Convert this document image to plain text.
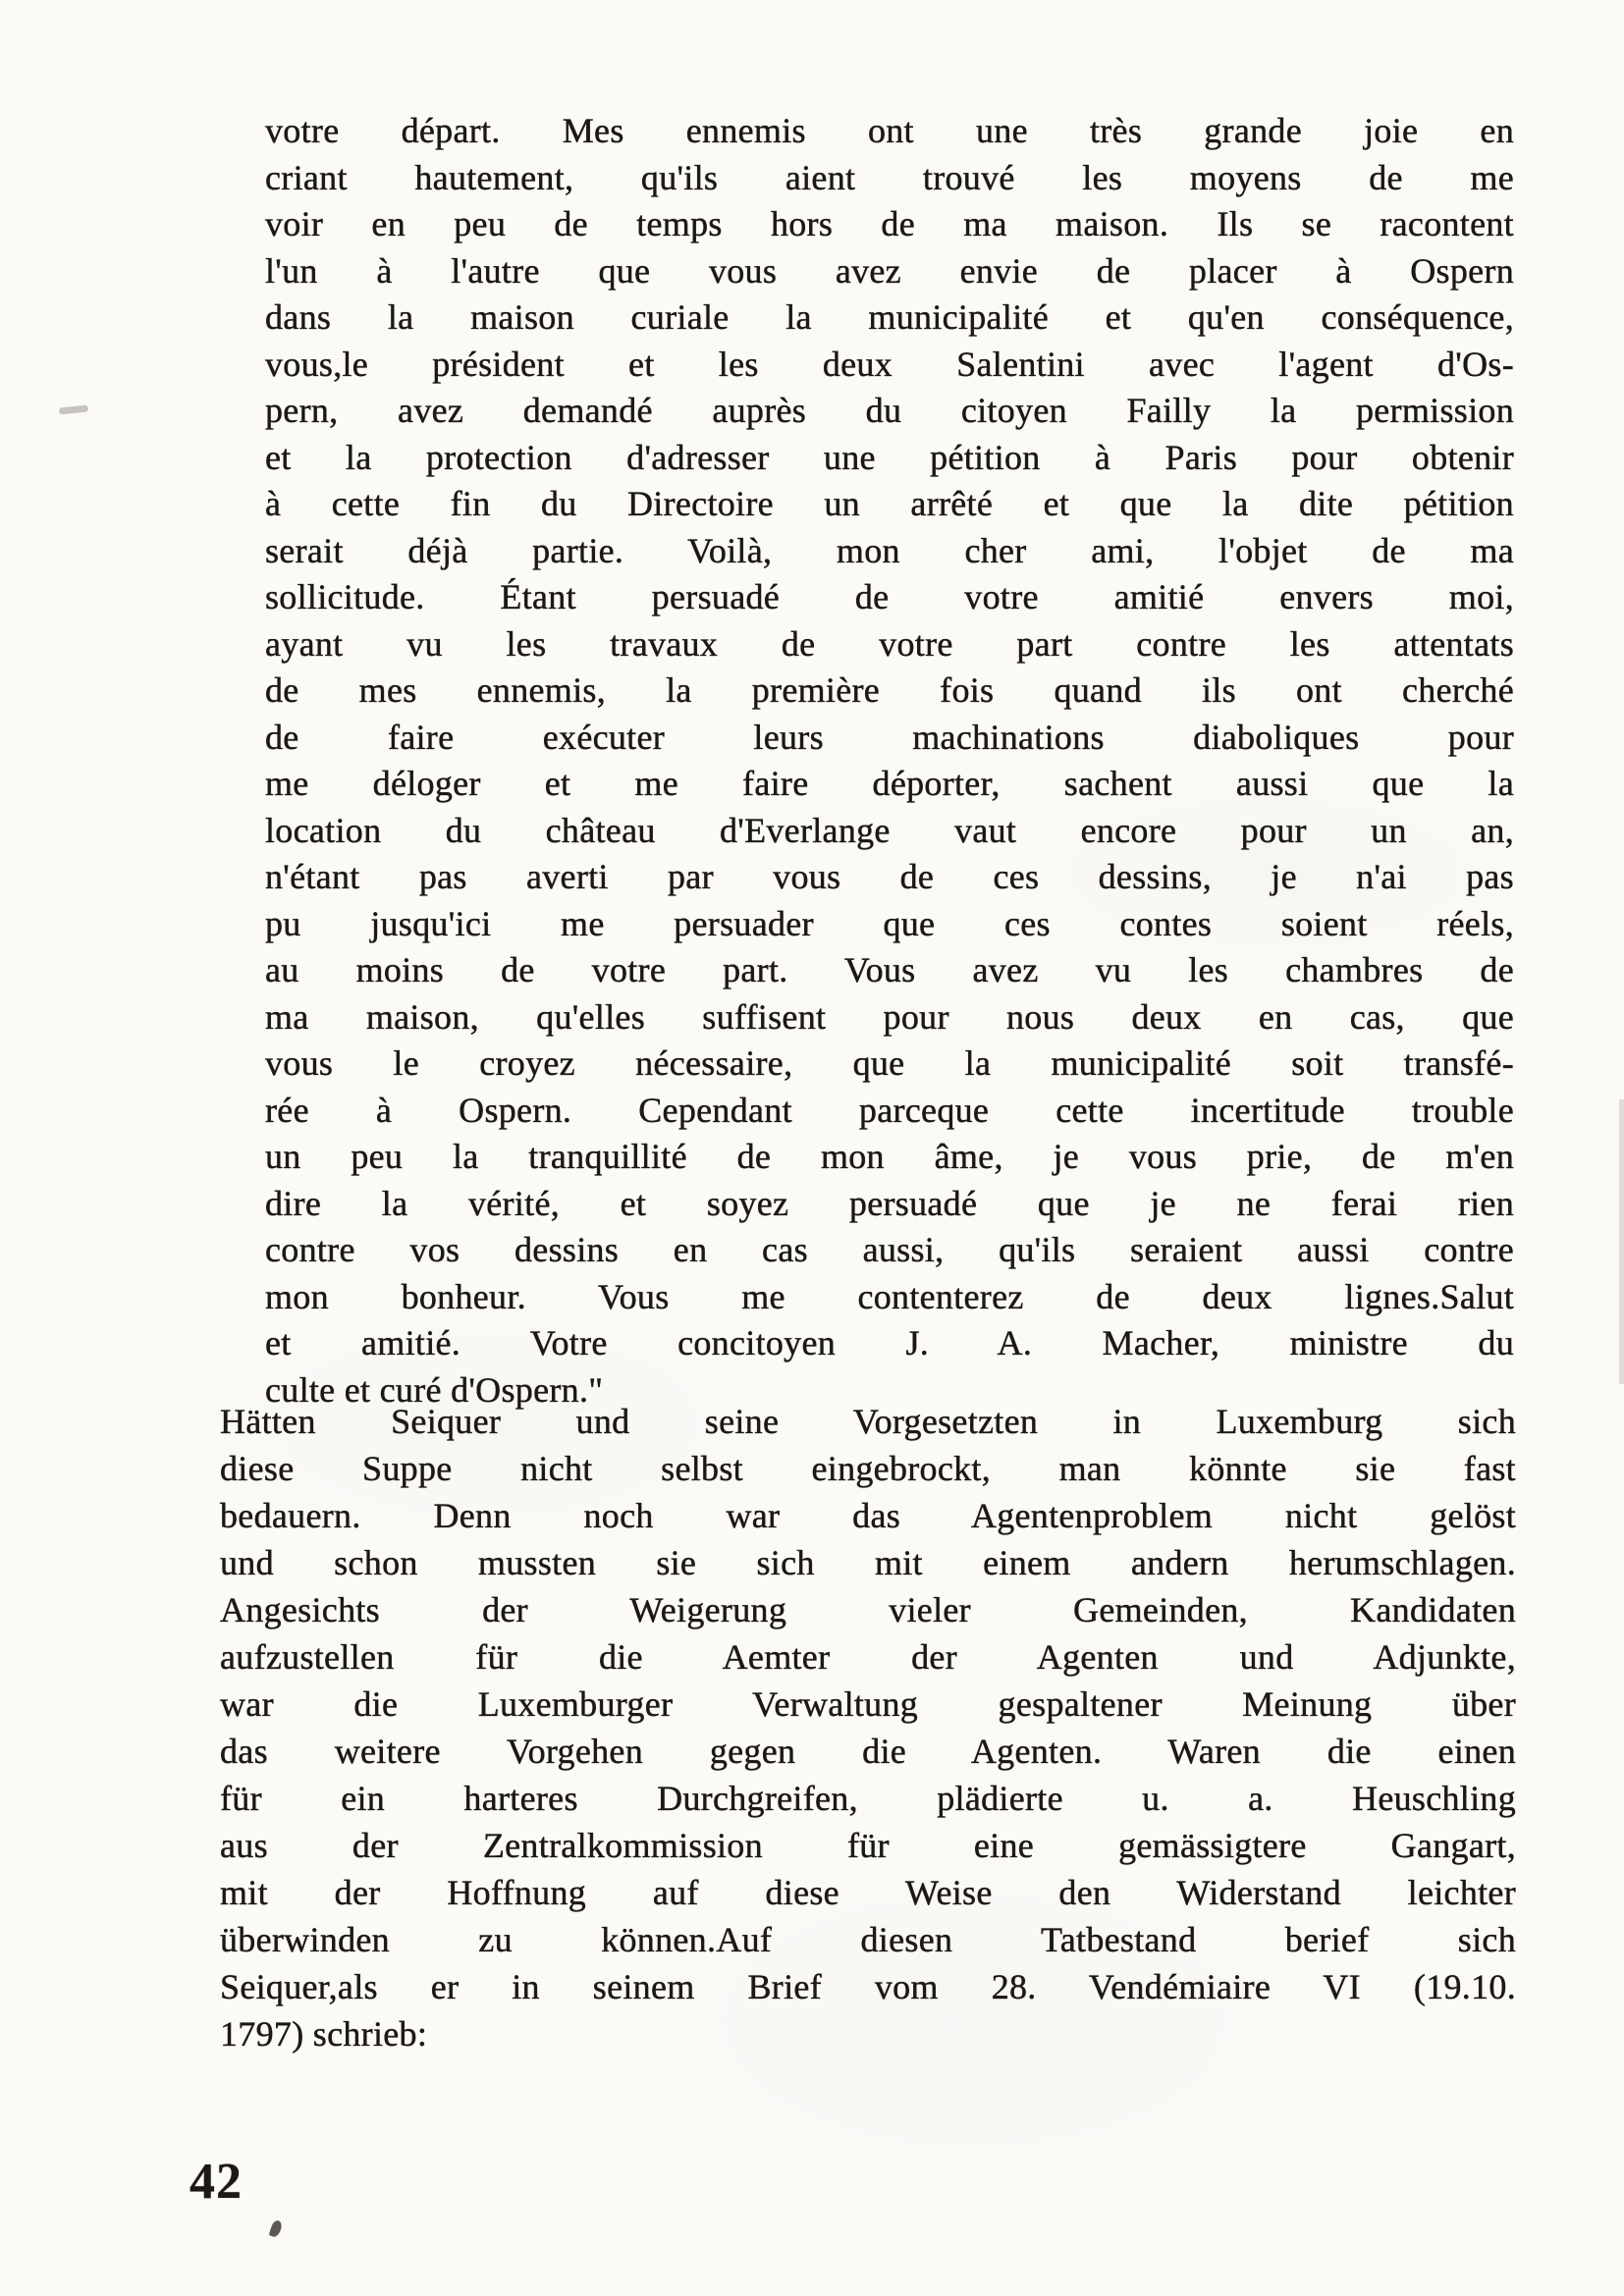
votre départ. Mes ennemis ont une très grande joie en
criant hautement, qu'ils aient trouvé les moyens de me
voir en peu de temps hors de ma maison. Ils se racontent
l'un à l'autre que vous avez envie de placer à Ospern
dans la maison curiale la municipalité et qu'en conséquence,
vous,le président et les deux Salentini avec l'agent d'Os-
pern, avez demandé auprès du citoyen Failly la permission
et la protection d'adresser une pétition à Paris pour obtenir
à cette fin du Directoire un arrêté et que la dite pétition
serait déjà partie. Voilà, mon cher ami, l'objet de ma
sollicitude. Étant persuadé de votre amitié envers moi,
ayant vu les travaux de votre part contre les attentats
de mes ennemis, la première fois quand ils ont cherché
de faire exécuter leurs machinations diaboliques pour
me déloger et me faire déporter, sachent aussi que la
location du château d'Everlange vaut encore pour un an,
n'étant pas averti par vous de ces dessins, je n'ai pas
pu jusqu'ici me persuader que ces contes soient réels,
au moins de votre part. Vous avez vu les chambres de
ma maison, qu'elles suffisent pour nous deux en cas, que
vous le croyez nécessaire, que la municipalité soit transfé-
rée à Ospern. Cependant parceque cette incertitude trouble
un peu la tranquillité de mon âme, je vous prie, de m'en
dire la vérité, et soyez persuadé que je ne ferai rien
contre vos dessins en cas aussi, qu'ils seraient aussi contre
mon bonheur. Vous me contenterez de deux lignes.Salut
et amitié. Votre concitoyen J. A. Macher, ministre du
culte et curé d'Ospern."
Hätten Seiquer und seine Vorgesetzten in Luxemburg sich
diese Suppe nicht selbst eingebrockt, man könnte sie fast
bedauern. Denn noch war das Agentenproblem nicht gelöst
und schon mussten sie sich mit einem andern herumschlagen.
Angesichts der Weigerung vieler Gemeinden, Kandidaten
aufzustellen für die Aemter der Agenten und Adjunkte,
war die Luxemburger Verwaltung gespaltener Meinung über
das weitere Vorgehen gegen die Agenten. Waren die einen
für ein harteres Durchgreifen, plädierte u. a. Heuschling
aus der Zentralkommission für eine gemässigtere Gangart,
mit der Hoffnung auf diese Weise den Widerstand leichter
überwinden zu können.Auf diesen Tatbestand berief sich
Seiquer,als er in seinem Brief vom 28. Vendémiaire VI (19.10.
1797) schrieb:
42
